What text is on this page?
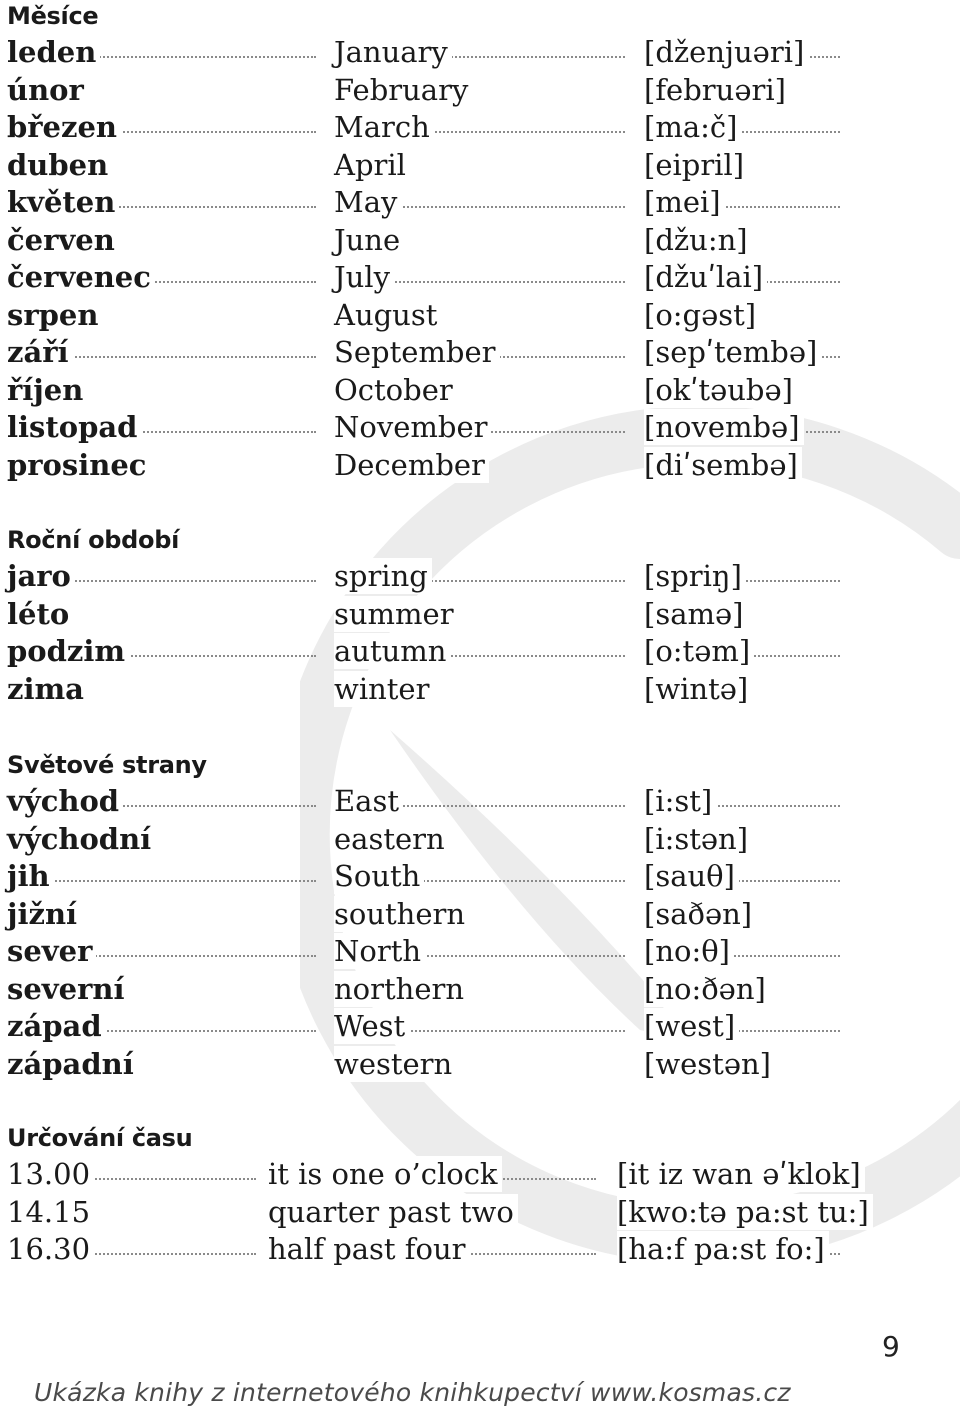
Měsíce
leden	January	[dženjuəri]
únor	February	[februəri]
březen	March	[ma:č]
duben	April	[eipril]
květen	May	[mei]
červen	June	[džu:n]
červenec	July	[džuʹlai]
srpen	August	[o:gəst]
září	September	[sepʹtembə]
říjen	October	[okʹtəubə]
listopad	November	[novembə]
prosinec	December	[diʹsembə]
Roční období
jaro	spring	[spriŋ]
léto	summer	[samə]
podzim	autumn	[o:təm]
zima	winter	[wintə]
Světové strany
východ	East	[i:st]
východní	eastern	[i:stən]
jih	South	[sauθ]
jižní	southern	[saðən]
sever	North	[no:θ]
severní	northern	[no:ðən]
západ	West	[west]
západní	western	[westən]
Určování času
13.00	it is one o’clock	[it iz wan əʹklok]
14.15	quarter past two	[kwo:tə pa:st tu:]
16.30	half past four	[ha:f pa:st fo:]
9
Ukázka knihy z internetového knihkupectví www.kosmas.cz
